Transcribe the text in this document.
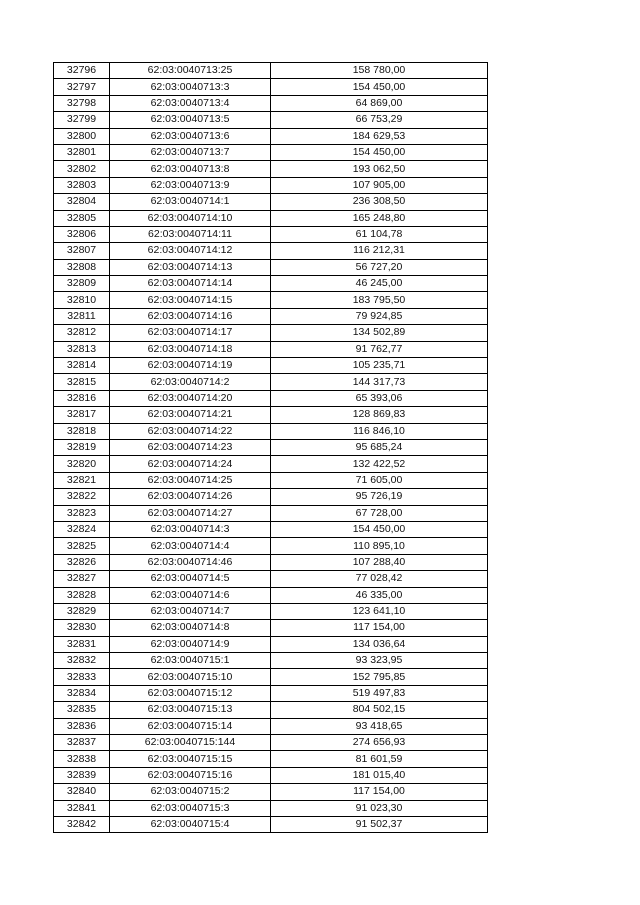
32796	62:03:0040713:25	158 780,00
32797	62:03:0040713:3	154 450,00
32798	62:03:0040713:4	64 869,00
32799	62:03:0040713:5	66 753,29
32800	62:03:0040713:6	184 629,53
32801	62:03:0040713:7	154 450,00
32802	62:03:0040713:8	193 062,50
32803	62:03:0040713:9	107 905,00
32804	62:03:0040714:1	236 308,50
32805	62:03:0040714:10	165 248,80
32806	62:03:0040714:11	61 104,78
32807	62:03:0040714:12	116 212,31
32808	62:03:0040714:13	56 727,20
32809	62:03:0040714:14	46 245,00
32810	62:03:0040714:15	183 795,50
32811	62:03:0040714:16	79 924,85
32812	62:03:0040714:17	134 502,89
32813	62:03:0040714:18	91 762,77
32814	62:03:0040714:19	105 235,71
32815	62:03:0040714:2	144 317,73
32816	62:03:0040714:20	65 393,06
32817	62:03:0040714:21	128 869,83
32818	62:03:0040714:22	116 846,10
32819	62:03:0040714:23	95 685,24
32820	62:03:0040714:24	132 422,52
32821	62:03:0040714:25	71 605,00
32822	62:03:0040714:26	95 726,19
32823	62:03:0040714:27	67 728,00
32824	62:03:0040714:3	154 450,00
32825	62:03:0040714:4	110 895,10
32826	62:03:0040714:46	107 288,40
32827	62:03:0040714:5	77 028,42
32828	62:03:0040714:6	46 335,00
32829	62:03:0040714:7	123 641,10
32830	62:03:0040714:8	117 154,00
32831	62:03:0040714:9	134 036,64
32832	62:03:0040715:1	93 323,95
32833	62:03:0040715:10	152 795,85
32834	62:03:0040715:12	519 497,83
32835	62:03:0040715:13	804 502,15
32836	62:03:0040715:14	93 418,65
32837	62:03:0040715:144	274 656,93
32838	62:03:0040715:15	81 601,59
32839	62:03:0040715:16	181 015,40
32840	62:03:0040715:2	117 154,00
32841	62:03:0040715:3	91 023,30
32842	62:03:0040715:4	91 502,37
